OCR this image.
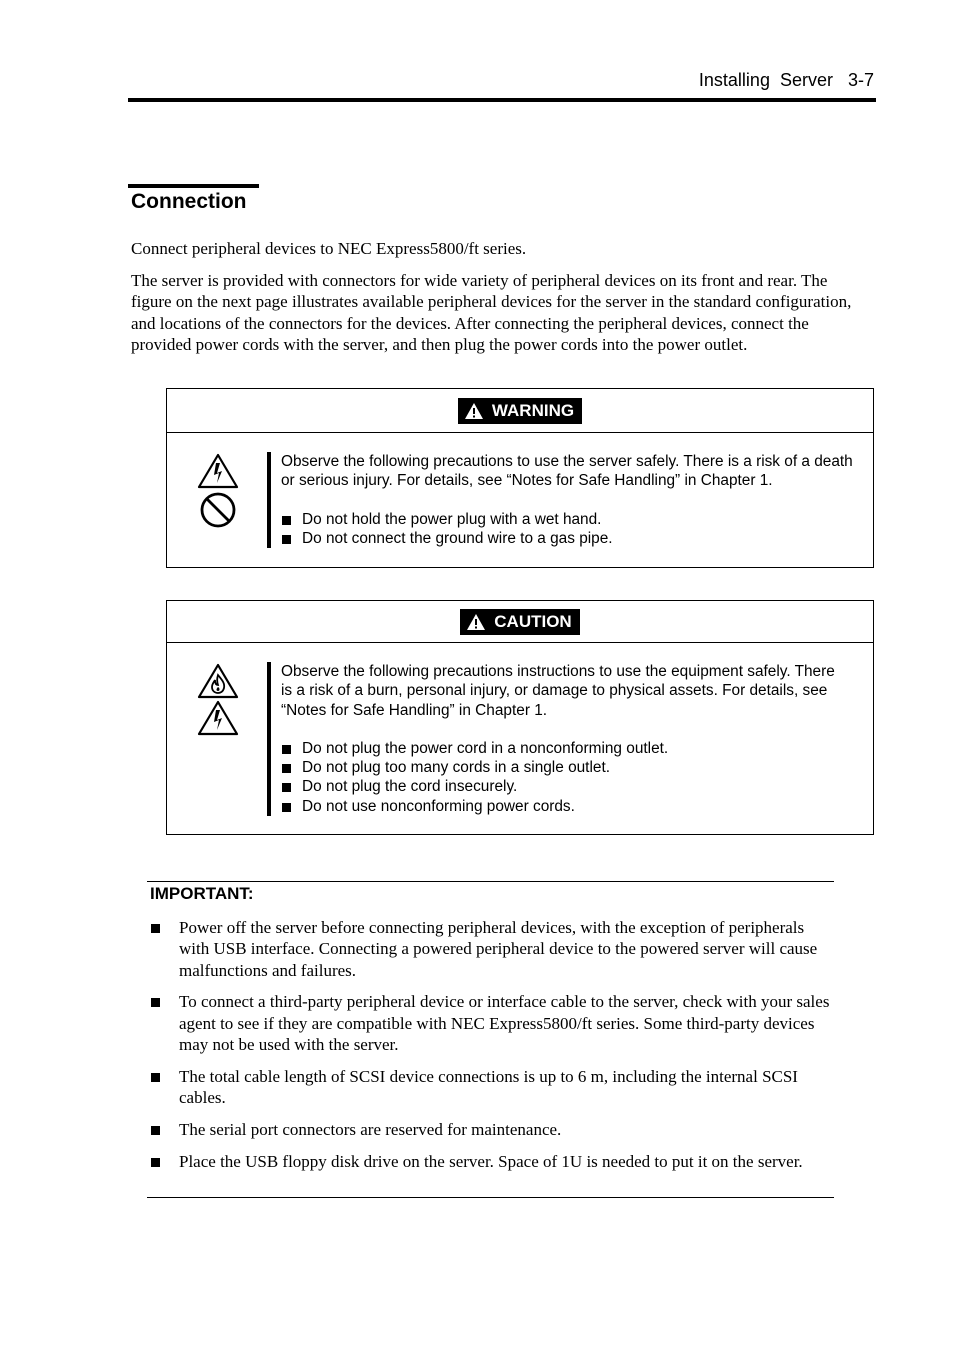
Installing  Server 3-7
Connection
Connect peripheral devices to NEC Express5800/ft series.
The server is provided with connectors for wide variety of peripheral devices on its front and rear. The figure on the next page illustrates available peripheral devices for the server in the standard configuration, and locations of the connectors for the devices. After connecting the peripheral devices, connect the provided power cords with the server, and then plug the power cords into the power outlet.
WARNING

Observe the following precautions to use the server safely. There is a risk of a death or serious injury. For details, see “Notes for Safe Handling” in Chapter 1.

Do not hold the power plug with a wet hand.
Do not connect the ground wire to a gas pipe.
CAUTION

Observe the following precautions instructions to use the equipment safely. There is a risk of a burn, personal injury, or damage to physical assets. For details, see “Notes for Safe Handling” in Chapter 1.

Do not plug the power cord in a nonconforming outlet.
Do not plug too many cords in a single outlet.
Do not plug the cord insecurely.
Do not use nonconforming power cords.
IMPORTANT:
Power off the server before connecting peripheral devices, with the exception of peripherals with USB interface. Connecting a powered peripheral device to the powered server will cause malfunctions and failures.
To connect a third-party peripheral device or interface cable to the server, check with your sales agent to see if they are compatible with NEC Express5800/ft series. Some third-party devices may not be used with the server.
The total cable length of SCSI device connections is up to 6 m, including the internal SCSI cables.
The serial port connectors are reserved for maintenance.
Place the USB floppy disk drive on the server. Space of 1U is needed to put it on the server.
